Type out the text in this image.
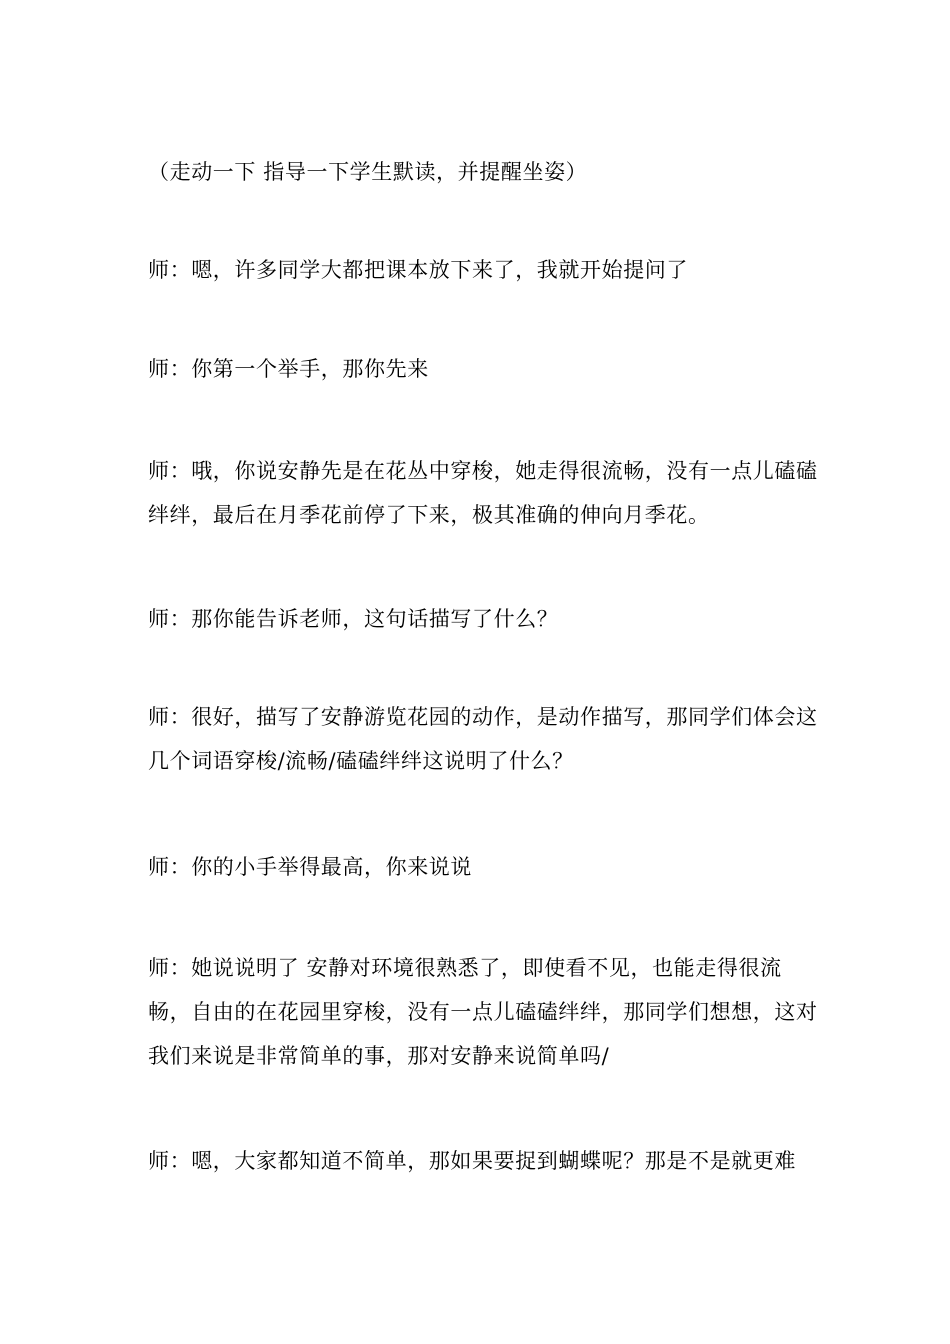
（走动一下 指导一下学生默读，并提醒坐姿）

师：嗯，许多同学大都把课本放下来了，我就开始提问了

师：你第一个举手，那你先来

师：哦，你说安静先是在花丛中穿梭，她走得很流畅，没有一点儿磕磕绊绊，最后在月季花前停了下来，极其准确的伸向月季花。

师：那你能告诉老师，这句话描写了什么？

师：很好，描写了安静游览花园的动作，是动作描写，那同学们体会这几个词语穿梭/流畅/磕磕绊绊这说明了什么？

师：你的小手举得最高，你来说说

师：她说说明了 安静对环境很熟悉了，即使看不见，也能走得很流畅，自由的在花园里穿梭，没有一点儿磕磕绊绊，那同学们想想，这对我们来说是非常简单的事，那对安静来说简单吗/

师：嗯，大家都知道不简单，那如果要捉到蝴蝶呢？那是不是就更难
